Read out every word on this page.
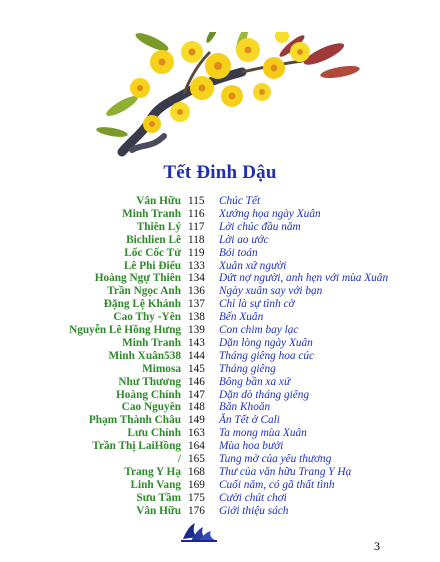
Tết Đinh Dậu
Vân Hữu 115	Chúc Tết
Minh Tranh 116	Xướng họa ngày Xuân
Thiên Lý 117	Lời chúc đầu năm
Bichlien Lê 118	Lời ao ước
Lốc Cốc Tử 119	Bói toán
Lê Phi Điểu 133	Xuân xứ người
Hoàng Ngự Thiên 134	Dứt nợ người, anh hẹn với mùa Xuân
Trần Ngọc Anh 136	Ngày xuân say với bạn
Đặng Lệ Khánh 137	Chỉ là sự tình cờ
Cao Thy -Yên 138	Bến Xuân
Nguyễn Lê Hồng Hưng 139	Con chim bay lạc
Minh Tranh 143	Dặn lòng ngày Xuân
Minh Xuân538 144	Tháng giêng hoa cúc
Mimosa 145	Tháng giêng
Như Thương 146	Bông bần xa xứ
Hoàng Chính 147	Dặn dò tháng giêng
Cao Nguyên 148	Băn Khoăn
Phạm Thành Châu 149	Ăn Tết ở Cali
Lưu Chính 163	Ta mong mùa Xuân
Trần Thị LaiHồng 164	Mùa hoa bưởi
/ 165	Tung mờ của yêu thương
Trang Y Hạ 168	Thư của văn hữu Trang Y Hạ
Linh Vang 169	Cuối năm, có gã thất tình
Sưu Tầm 175	Cười chút chơi
Vân Hữu 176	Giới thiệu sách
3
